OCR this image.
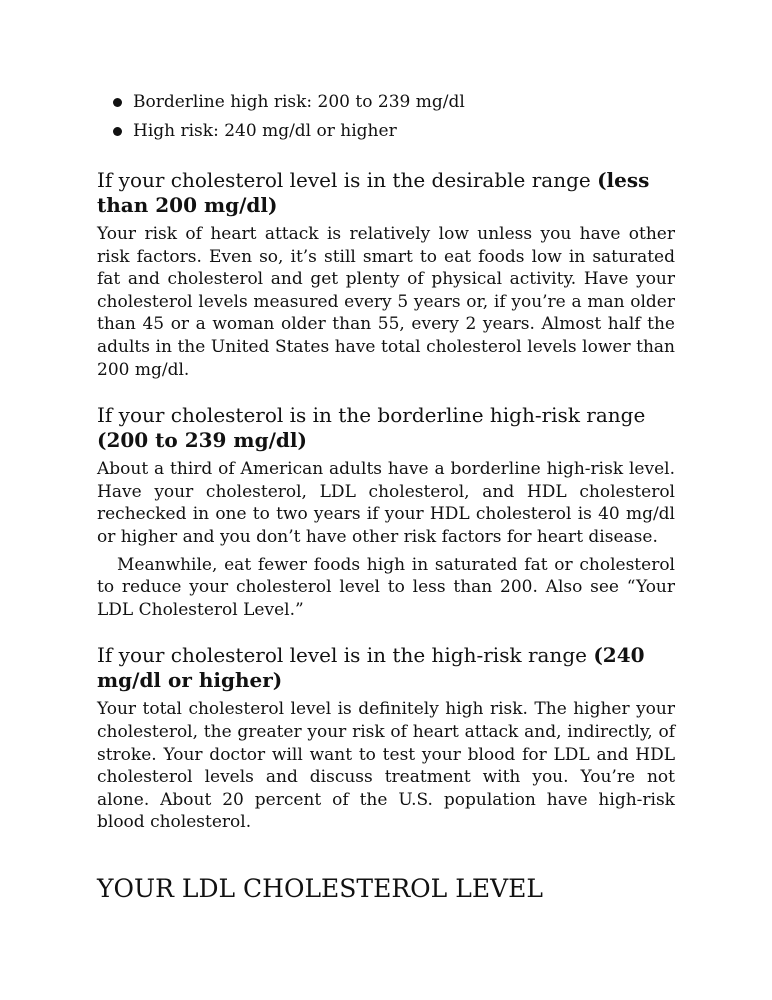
Borderline high risk: 200 to 239 mg/dl
High risk: 240 mg/dl or higher
If your cholesterol level is in the desirable range (less than 200 mg/dl)

Your risk of heart attack is relatively low unless you have other risk factors. Even so, it’s still smart to eat foods low in saturated fat and cholesterol and get plenty of physical activity. Have your cholesterol levels measured every 5 years or, if you’re a man older than 45 or a woman older than 55, every 2 years. Almost half the adults in the United States have total cholesterol levels lower than 200 mg/dl.

If your cholesterol is in the borderline high-risk range (200 to 239 mg/dl)

About a third of American adults have a borderline high-risk level. Have your cholesterol, LDL cholesterol, and HDL cholesterol rechecked in one to two years if your HDL cholesterol is 40 mg/dl or higher and you don’t have other risk factors for heart disease.

Meanwhile, eat fewer foods high in saturated fat or cholesterol to reduce your cholesterol level to less than 200. Also see “Your LDL Cholesterol Level.”

If your cholesterol level is in the high-risk range (240 mg/dl or higher)

Your total cholesterol level is definitely high risk. The higher your cholesterol, the greater your risk of heart attack and, indirectly, of stroke. Your doctor will want to test your blood for LDL and HDL cholesterol levels and discuss treatment with you. You’re not alone. About 20 percent of the U.S. population have high-risk blood cholesterol.

YOUR LDL CHOLESTEROL LEVEL
